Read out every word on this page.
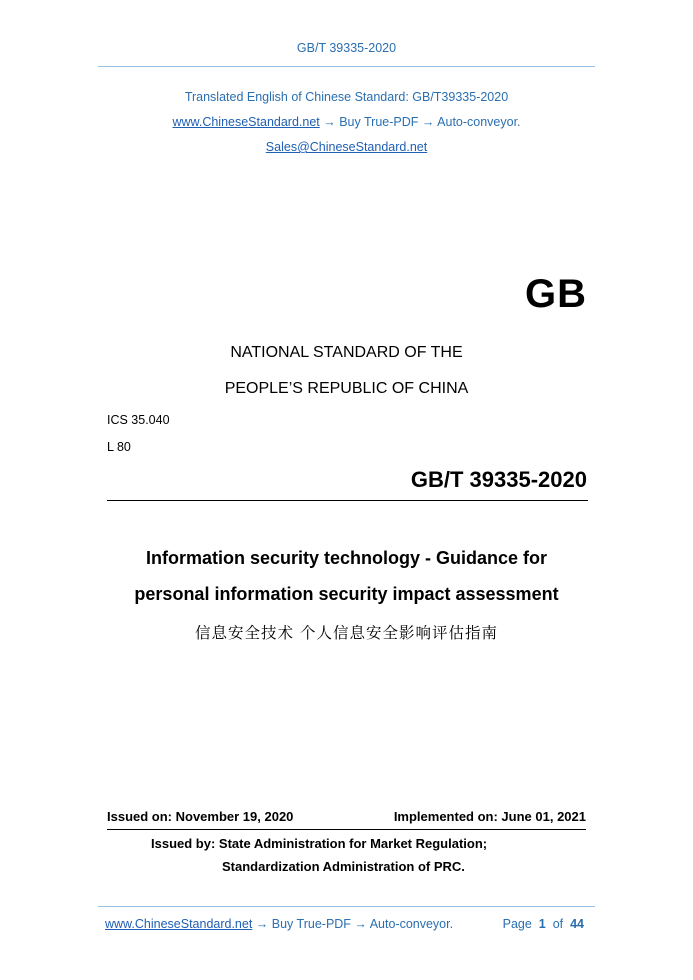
GB/T 39335-2020
Translated English of Chinese Standard: GB/T39335-2020
www.ChineseStandard.net → Buy True-PDF → Auto-conveyor.
Sales@ChineseStandard.net
GB
NATIONAL STANDARD OF THE
PEOPLE’S REPUBLIC OF CHINA
ICS 35.040
L 80
GB/T 39335-2020
Information security technology - Guidance for
personal information security impact assessment
信息安全技术 个人信息安全影响评估指南
Issued on: November 19, 2020	Implemented on: June 01, 2021
Issued by: State Administration for Market Regulation;
Standardization Administration of PRC.
www.ChineseStandard.net → Buy True-PDF → Auto-conveyor.	Page 1 of 44
